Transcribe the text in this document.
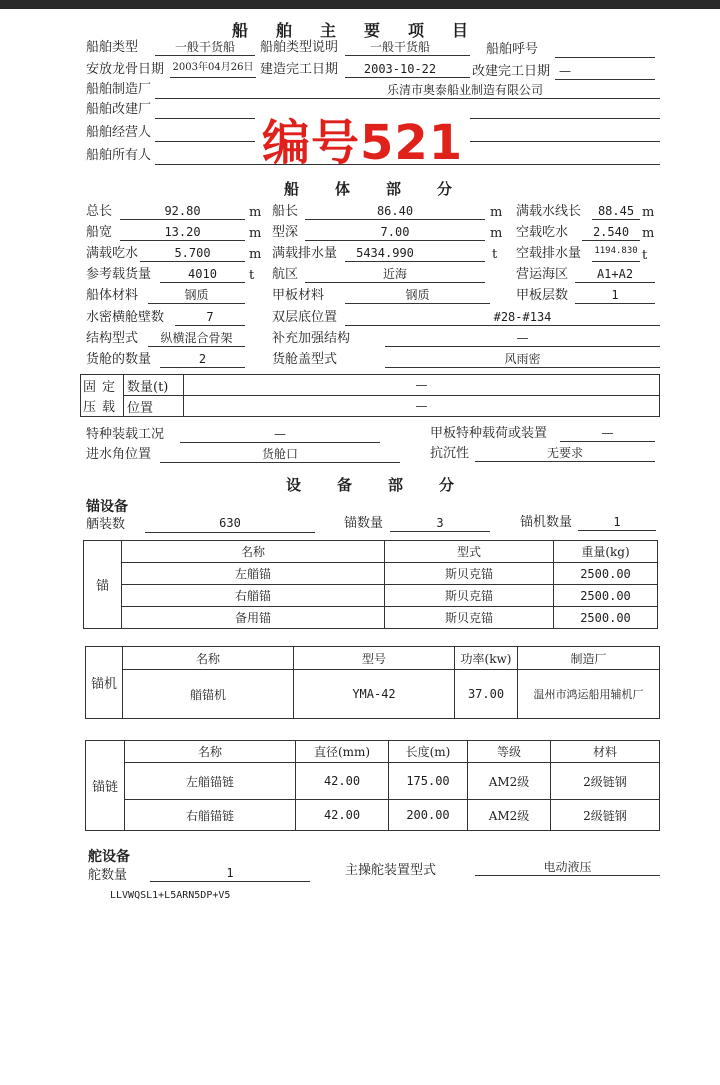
船舶主要项目
船舶类型	一般干货船	船舶类型说明	一般干货船	船舶呼号
安放龙骨日期 2003年04月26日 建造完工日期	2003-10-22	改建完工日期 —
船舶制造厂	乐清市奥泰船业制造有限公司
船舶改建厂
船舶经营人
船舶所有人 编号521
船体部分
总长	92.80	m 船长	86.40	m 满载水线长	88.45 m
船宽	13.20	m 型深	7.00	m 空载吃水	2.540 m
满载吃水	5.700	m 满载排水量	5434.990	t 空载排水量 1194.830 t
参考载货量	4010	t 航区	近海	营运海区	A1+A2
船体材料	钢质	甲板材料	钢质	甲板层数	1
水密横舱壁数	7	双层底位置	#28-#134
结构型式	纵横混合骨架	补充加强结构	—
货舱的数量	2	货舱盖型式	风雨密
固定	数量(t)	—
压载	位置	—
特种装载工况	—	甲板特种载荷或装置	—
进水角位置	货舱口	抗沉性	无要求
设备部分
锚设备
舾装数	630	锚数量	3	锚机数量	1
锚	名称	型式	重量(kg)
	左艏锚	斯贝克锚	2500.00
	右艏锚	斯贝克锚	2500.00
	备用锚	斯贝克锚	2500.00
锚机	名称	型号	功率(kw)	制造厂
	艏锚机	YMA-42	37.00	温州市鸿运船用辅机厂
锚链	名称	直径(mm)	长度(m)	等级	材料
	左艏锚链	42.00	175.00	AM2级	2级链钢
	右艏锚链	42.00	200.00	AM2级	2级链钢
舵设备
舵数量	1	主操舵装置型式	电动液压
LLVWQSL1+L5ARN5DP+V5
